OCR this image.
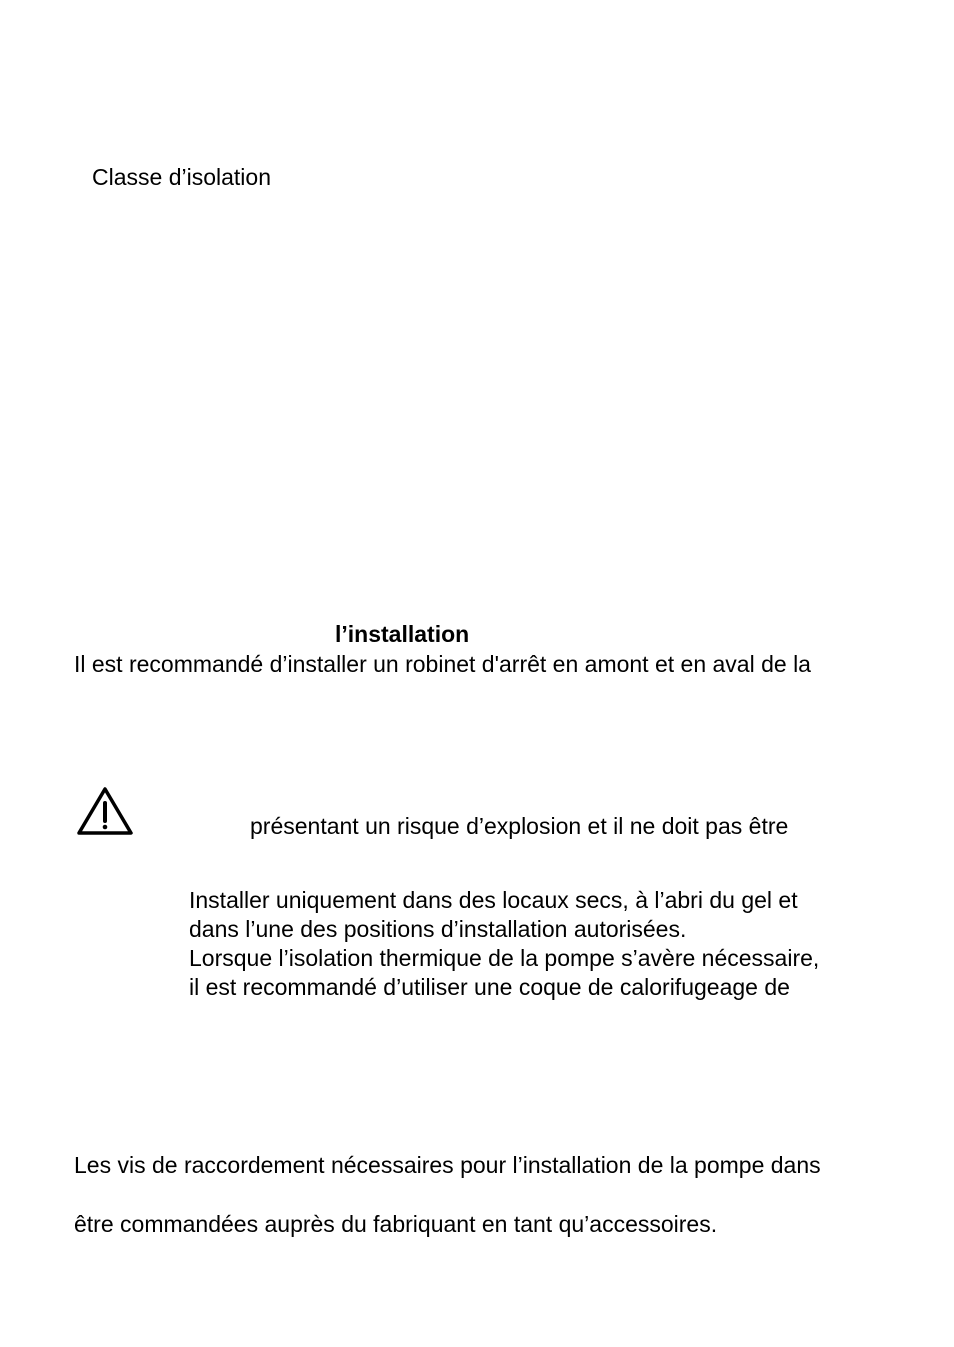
Classe d’isolation

l’installation

Il est recommandé d’installer un robinet d'arrêt en amont et en aval de la

présentant un risque d’explosion et il ne doit pas être

Installer uniquement dans des locaux secs, à l’abri du gel et

dans l’une des positions d’installation autorisées.

Lorsque l’isolation thermique de la pompe s’avère nécessaire,

il est recommandé d’utiliser une coque de calorifugeage de

Les vis de raccordement nécessaires pour l’installation de la pompe dans

être commandées auprès du fabriquant en tant qu’accessoires.
